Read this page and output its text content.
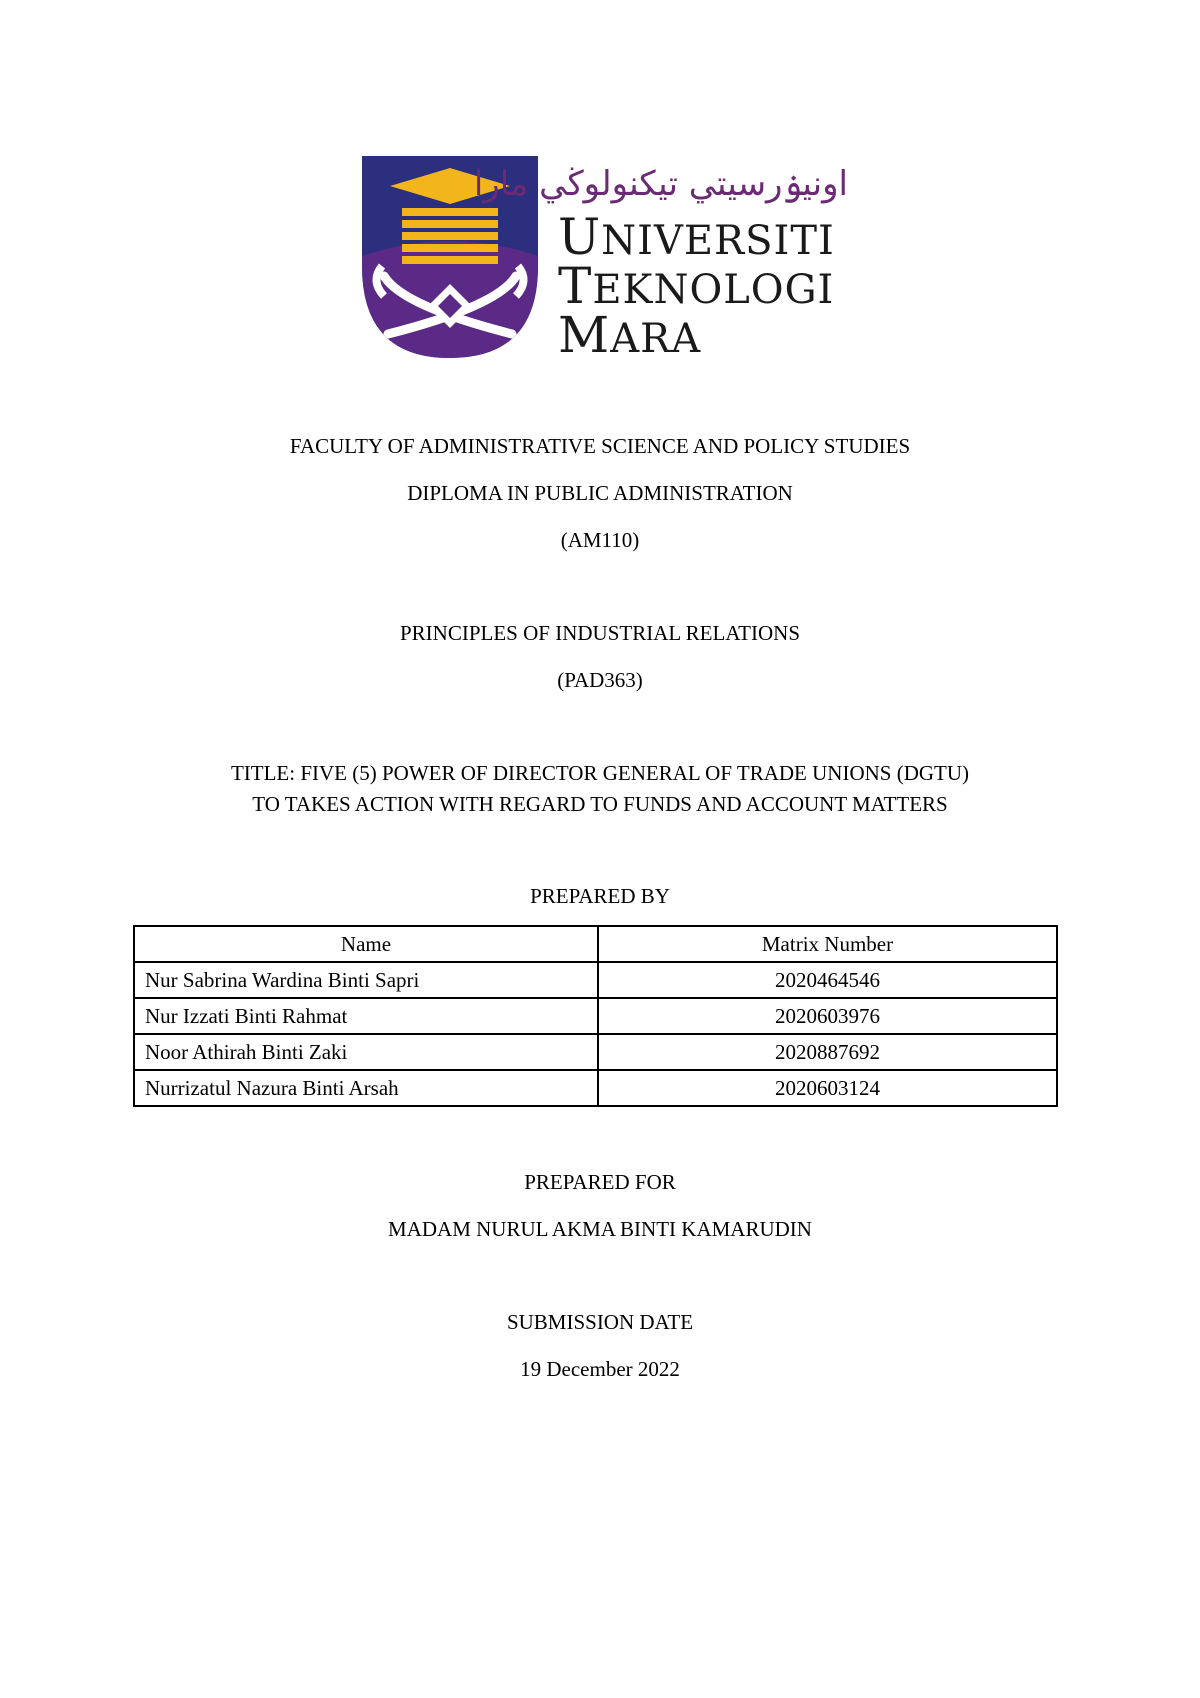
اونيۏرسيتي تيكنولوڬي مارا
UNIVERSITI
TEKNOLOGI
MARA
FACULTY OF ADMINISTRATIVE SCIENCE AND POLICY STUDIES
DIPLOMA IN PUBLIC ADMINISTRATION
(AM110)
PRINCIPLES OF INDUSTRIAL RELATIONS
(PAD363)
TITLE: FIVE (5) POWER OF DIRECTOR GENERAL OF TRADE UNIONS (DGTU)
TO TAKES ACTION WITH REGARD TO FUNDS AND ACCOUNT MATTERS
PREPARED BY
Name	Matrix Number
Nur Sabrina Wardina Binti Sapri	2020464546
Nur Izzati Binti Rahmat	2020603976
Noor Athirah Binti Zaki	2020887692
Nurrizatul Nazura Binti Arsah	2020603124
PREPARED FOR
MADAM NURUL AKMA BINTI KAMARUDIN
SUBMISSION DATE
19 December 2022
